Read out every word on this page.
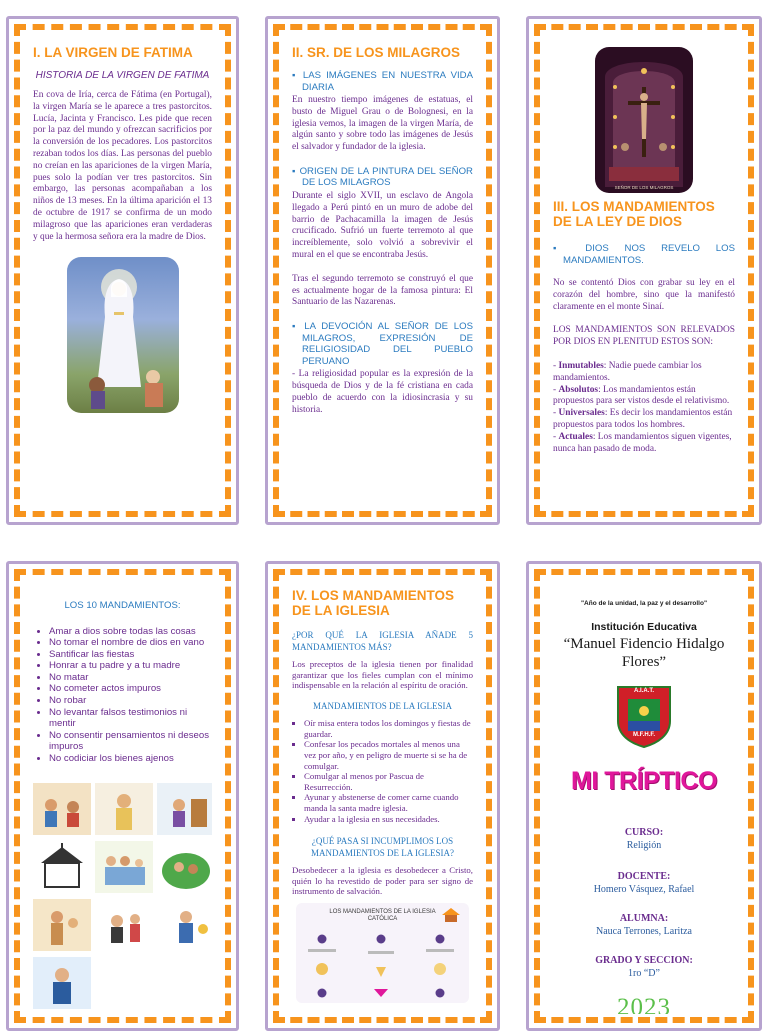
I. LA VIRGEN DE FATIMA

HISTORIA DE LA VIRGEN DE FATIMA

En cova de Iría, cerca de Fátima (en Portugal), la virgen María se le aparece a tres pastorcitos. Lucía, Jacinta y Francisco. Les pide que recen por la paz del mundo y ofrezcan sacrificios por la conversión de los pecadores. Los pastorcitos rezaban todos los días. Las personas del pueblo no creían en las apariciones de la virgen María, pues solo la podían ver tres pastorcitos. Sin embargo, las personas acompañaban a los niños de 13 meses. En la última aparición el 13 de octubre de 1917 se confirma de un modo milagroso que las apariciones eran verdaderas y que la hermosa señora era la madre de Dios.

II. SR. DE LOS MILAGROS

▪ LAS IMÁGENES EN NUESTRA VIDA DIARIA

En nuestro tiempo imágenes de estatuas, el busto de Miguel Grau o de Bolognesi, en la iglesia vemos, la imagen de la virgen María, de algún santo y sobre todo las imágenes de Jesús el salvador y fundador de la iglesia.

▪ ORIGEN DE LA PINTURA DEL SEÑOR DE LOS MILAGROS

Durante el siglo XVII, un esclavo de Angola llegado a Perú pintó en un muro de adobe del barrio de Pachacamilla la imagen de Jesús crucificado. Sufrió un fuerte terremoto al que increíblemente, solo volvió a sobrevivir el mural en el que se encontraba Jesús.

Tras el segundo terremoto se construyó el que es actualmente hogar de la famosa pintura: El Santuario de las Nazarenas.

▪ LA DEVOCIÓN AL SEÑOR DE LOS MILAGROS, EXPRESIÓN DE RELIGIOSIDAD DEL PUEBLO PERUANO

- La religiosidad popular es la expresión de la búsqueda de Dios y de la fé cristiana en cada pueblo de acuerdo con la idiosincrasia y su historia.

SEÑOR DE LOS MILAGROS
III. LOS MANDAMIENTOS DE LA LEY DE DIOS

▪ DIOS NOS REVELO LOS MANDAMIENTOS.

No se contentó Dios con grabar su ley en el corazón del hombre, sino que la manifestó claramente en el monte Sinaí.

LOS MANDAMIENTOS SON RELEVADOS POR DIOS EN PLENITUD ESTOS SON:

- Inmutables: Nadie puede cambiar los mandamientos.
- Absolutos: Los mandamientos están propuestos para ser vistos desde el relativismo.
- Universales: Es decir los mandamientos están propuestos para todos los hombres.
- Actuales: Los mandamientos siguen vigentes, nunca han pasado de moda.

LOS 10 MANDAMIENTOS:

• Amar a dios sobre todas las cosas
• No tomar el nombre de dios en vano
• Santificar las fiestas
• Honrar a tu padre y a tu madre
• No matar
• No cometer actos impuros
• No robar
• No levantar falsos testimonios ni mentir
• No consentir pensamientos ni deseos impuros
• No codiciar los bienes ajenos
IV. LOS MANDAMIENTOS DE LA IGLESIA

¿POR QUÉ LA IGLESIA AÑADE 5 MANDAMIENTOS MÁS?

Los preceptos de la iglesia tienen por finalidad garantizar que los fieles cumplan con el mínimo indispensable en la relación al espíritu de oración.

MANDAMIENTOS DE LA IGLESIA

▪ Oír misa entera todos los domingos y fiestas de guardar.
▪ Confesar los pecados mortales al menos una vez por año, y en peligro de muerte si se ha de comulgar.
▪ Comulgar al menos por Pascua de Resurrección.
▪ Ayunar y abstenerse de comer carne cuando manda la santa madre iglesia.
▪ Ayudar a la iglesia en sus necesidades.

¿QUÉ PASA SI INCUMPLIMOS LOS MANDAMIENTOS DE LA IGLESIA?

Desobedecer a la iglesia es desobedecer a Cristo, quién lo ha revestido de poder para ser signo de instrumento de salvación.

LOS MANDAMIENTOS DE LA IGLESIA CATÓLICA

"Año de la unidad, la paz y el desarrollo"

Institución Educativa

“Manuel Fidencio Hidalgo Flores”

A.I.A.T.
M.F.H.F.
MI TRÍPTICO
CURSO:
Religión
DOCENTE:
Homero Vásquez, Rafael
ALUMNA:
Nauca Terrones, Laritza
GRADO Y SECCION:
1ro “D”
2023
